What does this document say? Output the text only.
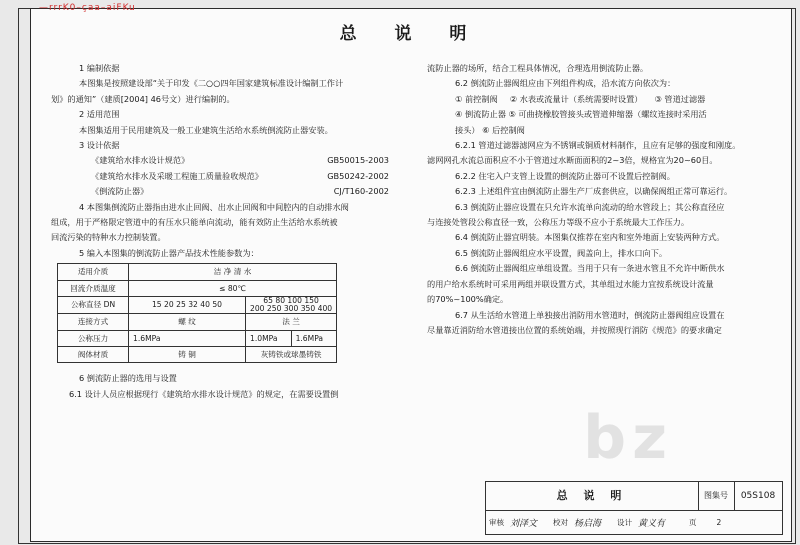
—rrrK0–çaa–aiFKu
总 说 明
bz

1 编制依据

本图集是按照建设部“关于印发《二○○四年国家建筑标准设计编制工作计

划》的通知”（建质[2004] 46号文）进行编制的。

2 适用范围

本图集适用于民用建筑及一般工业建筑生活给水系统倒流防止器安装。

3 设计依据

《建筑给水排水设计规范》	GB50015-2003

《建筑给水排水及采暖工程施工质量验收规范》	GB50242-2002

《倒流防止器》	CJ/T160-2002

4 本图集倒流防止器指由进水止回阀、出水止回阀和中间腔内的自动排水阀

组成，用于严格限定管道中的有压水只能单向流动，能有效防止生活给水系统被

回流污染的特种水力控制装置。

5 编入本图集的倒流防止器产品技术性能参数为：

适用介质	洁 净 清 水		
回流介质温度	≤ 80℃		
公称直径 DN	15 20 25 32 40 50	65 80 100 150
200 250 300 350 400	
连接方式	螺 纹	法 兰	
公称压力	1.6MPa	1.0MPa	1.6MPa
阀体材质	铸 铜	灰铸铁或球墨铸铁	

6 倒流防止器的选用与设置

6.1 设计人员应根据现行《建筑给水排水设计规范》的规定，在需要设置倒

流防止器的场所，结合工程具体情况，合理选用倒流防止器。

6.2 倒流防止器阀组应由下列组件构成，沿水流方向依次为：

① 前控制阀 ② 水表或流量计（系统需要时设置） ③ 管道过滤器

④ 倒流防止器 ⑤ 可曲挠橡胶管接头或管道伸缩器（螺纹连接时采用活

接头） ⑥ 后控制阀

6.2.1 管道过滤器滤网应为不锈钢或铜质材料制作，且应有足够的强度和刚度。

滤网网孔水流总面积应不小于管道过水断面面积的2~3倍，规格宜为20~60目。

6.2.2 住宅入户支管上设置的倒流防止器可不设置后控制阀。

6.2.3 上述组件宜由倒流防止器生产厂成套供应，以确保阀组正常可靠运行。

6.3 倒流防止器应设置在只允许水流单向流动的给水管段上；其公称直径应

与连接处管段公称直径一致，公称压力等级不应小于系统最大工作压力。

6.4 倒流防止器宜明装。本图集仅推荐在室内和室外地面上安装两种方式。

6.5 倒流防止器阀组应水平设置，阀盖向上，排水口向下。

6.6 倒流防止器阀组应单组设置。当用于只有一条进水管且不允许中断供水

的用户给水系统时可采用两组并联设置方式，其单组过水能力宜按系统设计流量

的70%~100%确定。

6.7 从生活给水管道上单独接出消防用水管道时，倒流防止器阀组应设置在

尽量靠近消防给水管道接出位置的系统始端，并按照现行消防《规范》的要求确定

总 说 明	图集号	05S108
审核 刘泽文	校对 杨启海	设计 黄义有	页	2
